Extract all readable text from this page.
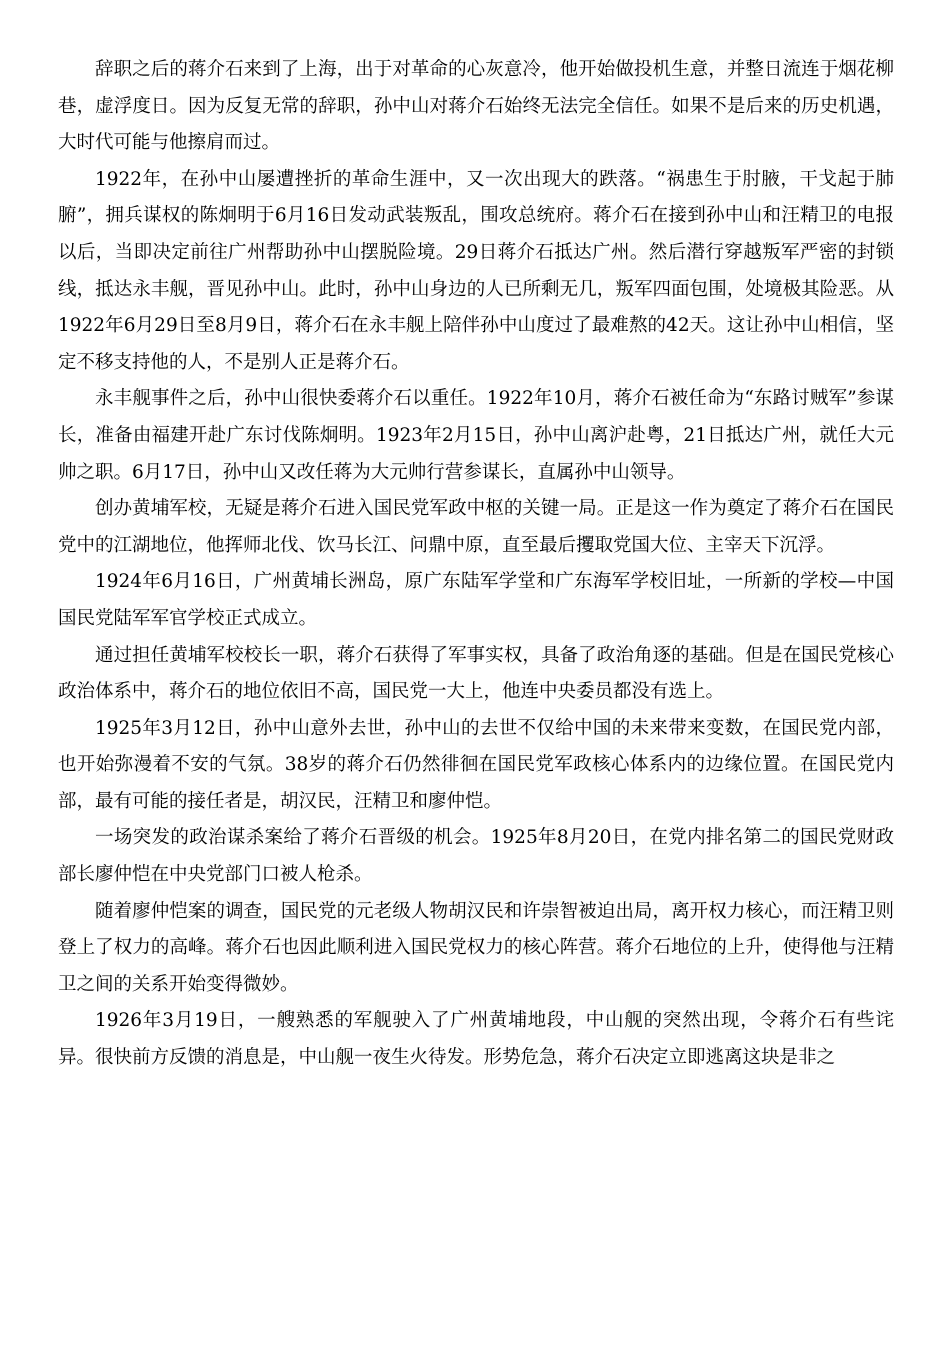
辞职之后的蒋介石来到了上海，出于对革命的心灰意冷，他开始做投机生意，并整日流连于烟花柳巷，虚浮度日。因为反复无常的辞职，孙中山对蒋介石始终无法完全信任。如果不是后来的历史机遇，大时代可能与他擦肩而过。

1922年，在孙中山屡遭挫折的革命生涯中，又一次出现大的跌落。“祸患生于肘腋，干戈起于肺腑”，拥兵谋权的陈炯明于6月16日发动武装叛乱，围攻总统府。蒋介石在接到孙中山和汪精卫的电报以后，当即决定前往广州帮助孙中山摆脱险境。29日蒋介石抵达广州。然后潜行穿越叛军严密的封锁线，抵达永丰舰，晋见孙中山。此时，孙中山身边的人已所剩无几，叛军四面包围，处境极其险恶。从1922年6月29日至8月9日，蒋介石在永丰舰上陪伴孙中山度过了最难熬的42天。这让孙中山相信，坚定不移支持他的人，不是别人正是蒋介石。

永丰舰事件之后，孙中山很快委蒋介石以重任。1922年10月，蒋介石被任命为“东路讨贼军”参谋长，准备由福建开赴广东讨伐陈炯明。1923年2月15日，孙中山离沪赴粤，21日抵达广州，就任大元帅之职。6月17日，孙中山又改任蒋为大元帅行营参谋长，直属孙中山领导。

创办黄埔军校，无疑是蒋介石进入国民党军政中枢的关键一局。正是这一作为奠定了蒋介石在国民党中的江湖地位，他挥师北伐、饮马长江、问鼎中原，直至最后攫取党国大位、主宰天下沉浮。

1924年6月16日，广州黄埔长洲岛，原广东陆军学堂和广东海军学校旧址，一所新的学校—中国国民党陆军军官学校正式成立。

通过担任黄埔军校校长一职，蒋介石获得了军事实权，具备了政治角逐的基础。但是在国民党核心政治体系中，蒋介石的地位依旧不高，国民党一大上，他连中央委员都没有选上。

1925年3月12日，孙中山意外去世，孙中山的去世不仅给中国的未来带来变数，在国民党内部，也开始弥漫着不安的气氛。38岁的蒋介石仍然徘徊在国民党军政核心体系内的边缘位置。在国民党内部，最有可能的接任者是，胡汉民，汪精卫和廖仲恺。

一场突发的政治谋杀案给了蒋介石晋级的机会。1925年8月20日，在党内排名第二的国民党财政部长廖仲恺在中央党部门口被人枪杀。

随着廖仲恺案的调查，国民党的元老级人物胡汉民和许崇智被迫出局，离开权力核心，而汪精卫则登上了权力的高峰。蒋介石也因此顺利进入国民党权力的核心阵营。蒋介石地位的上升，使得他与汪精卫之间的关系开始变得微妙。

1926年3月19日，一艘熟悉的军舰驶入了广州黄埔地段，中山舰的突然出现，令蒋介石有些诧异。很快前方反馈的消息是，中山舰一夜生火待发。形势危急，蒋介石决定立即逃离这块是非之
